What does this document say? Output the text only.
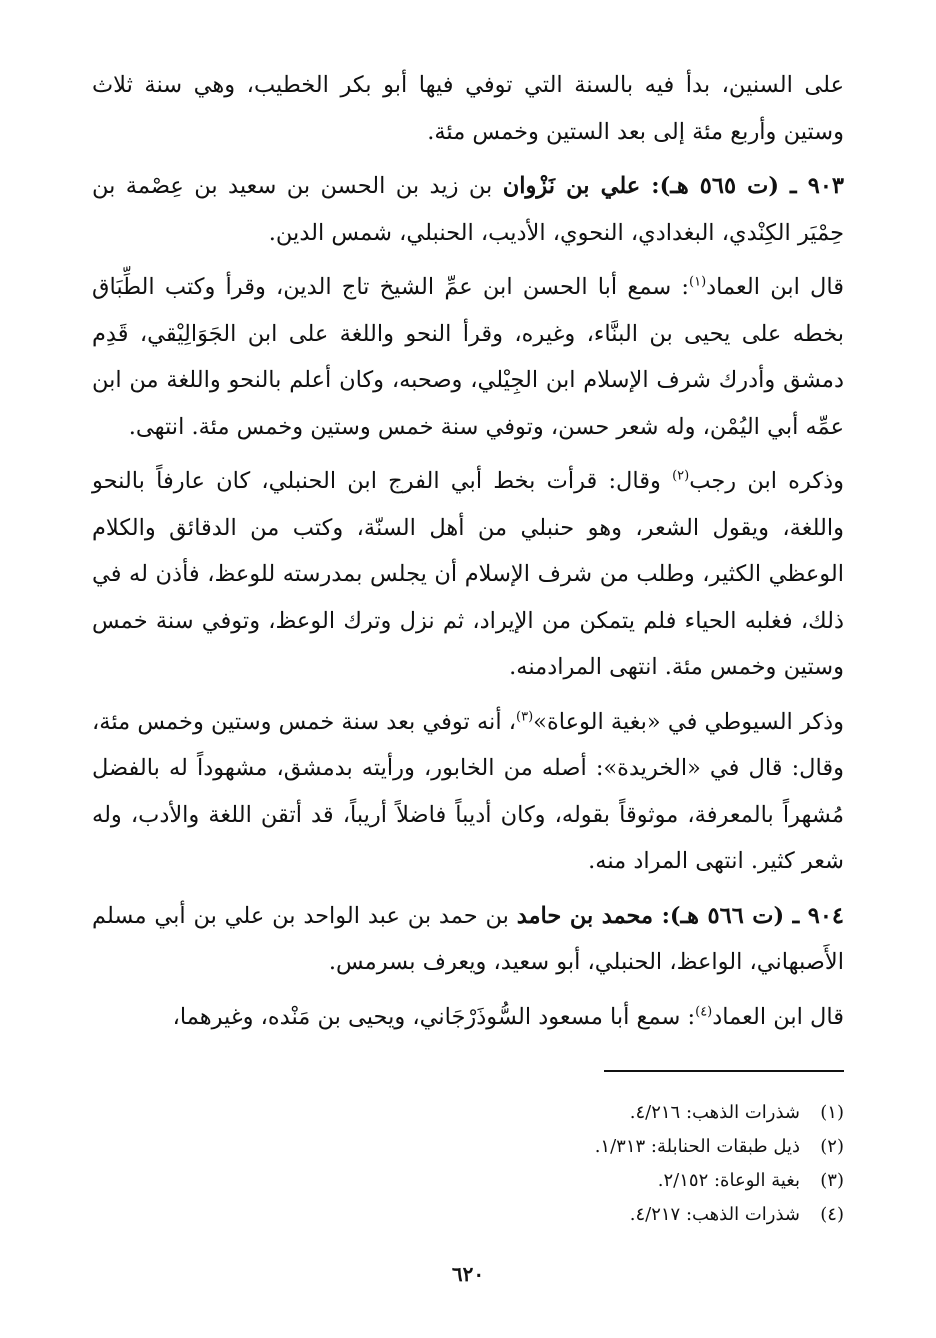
على السنين، بدأ فيه بالسنة التي توفي فيها أبو بكر الخطيب، وهي سنة ثلاث وستين وأربع مئة إلى بعد الستين وخمس مئة.

٩٠٣ ـ (ت ٥٦٥ هـ): علي بن نَزْوان بن زيد بن الحسن بن سعيد بن عِصْمة بن حِمْيَر الكِنْدي، البغدادي، النحوي، الأديب، الحنبلي، شمس الدين.

قال ابن العماد$^{(١)}$: سمع أبا الحسن ابن عمِّ الشيخ تاج الدين، وقرأ وكتب الطِّبَاق بخطه على يحيى بن البنَّاء، وغيره، وقرأ النحو واللغة على ابن الجَوَالِيْقي، قَدِم دمشق وأدرك شرف الإسلام ابن الجِيْلي، وصحبه، وكان أعلم بالنحو واللغة من ابن عمِّه أبي اليُمْن، وله شعر حسن، وتوفي سنة خمس وستين وخمس مئة. انتهى.

وذكره ابن رجب$^{(٢)}$ وقال: قرأت بخط أبي الفرج ابن الحنبلي، كان عارفاً بالنحو واللغة، ويقول الشعر، وهو حنبلي من أهل السنّة، وكتب من الدقائق والكلام الوعظي الكثير، وطلب من شرف الإسلام أن يجلس بمدرسته للوعظ، فأذن له في ذلك، فغلبه الحياء فلم يتمكن من الإيراد، ثم نزل وترك الوعظ، وتوفي سنة خمس وستين وخمس مئة. انتهى المرادمنه.

وذكر السيوطي في «بغية الوعاة»$^{(٣)}$، أنه توفي بعد سنة خمس وستين وخمس مئة، وقال: قال في «الخريدة»: أصله من الخابور، ورأيته بدمشق، مشهوداً له بالفضل مُشهراً بالمعرفة، موثوقاً بقوله، وكان أديباً فاضلاً أريباً، قد أتقن اللغة والأدب، وله شعر كثير. انتهى المراد منه.

٩٠٤ ـ (ت ٥٦٦ هـ): محمد بن حامد بن حمد بن عبد الواحد بن علي بن أبي مسلم الأَصبهاني، الواعظ، الحنبلي، أبو سعيد، ويعرف بسرمس.

قال ابن العماد$^{(٤)}$: سمع أبا مسعود السُّوذَرْجَاني، ويحيى بن مَنْده، وغيرهما،

(١)
شذرات الذهب: ٤/٢١٦.
(٢)
ذيل طبقات الحنابلة: ١/٣١٣.
(٣)
بغية الوعاة: ٢/١٥٢.
(٤)
شذرات الذهب: ٤/٢١٧.
٦٢٠
